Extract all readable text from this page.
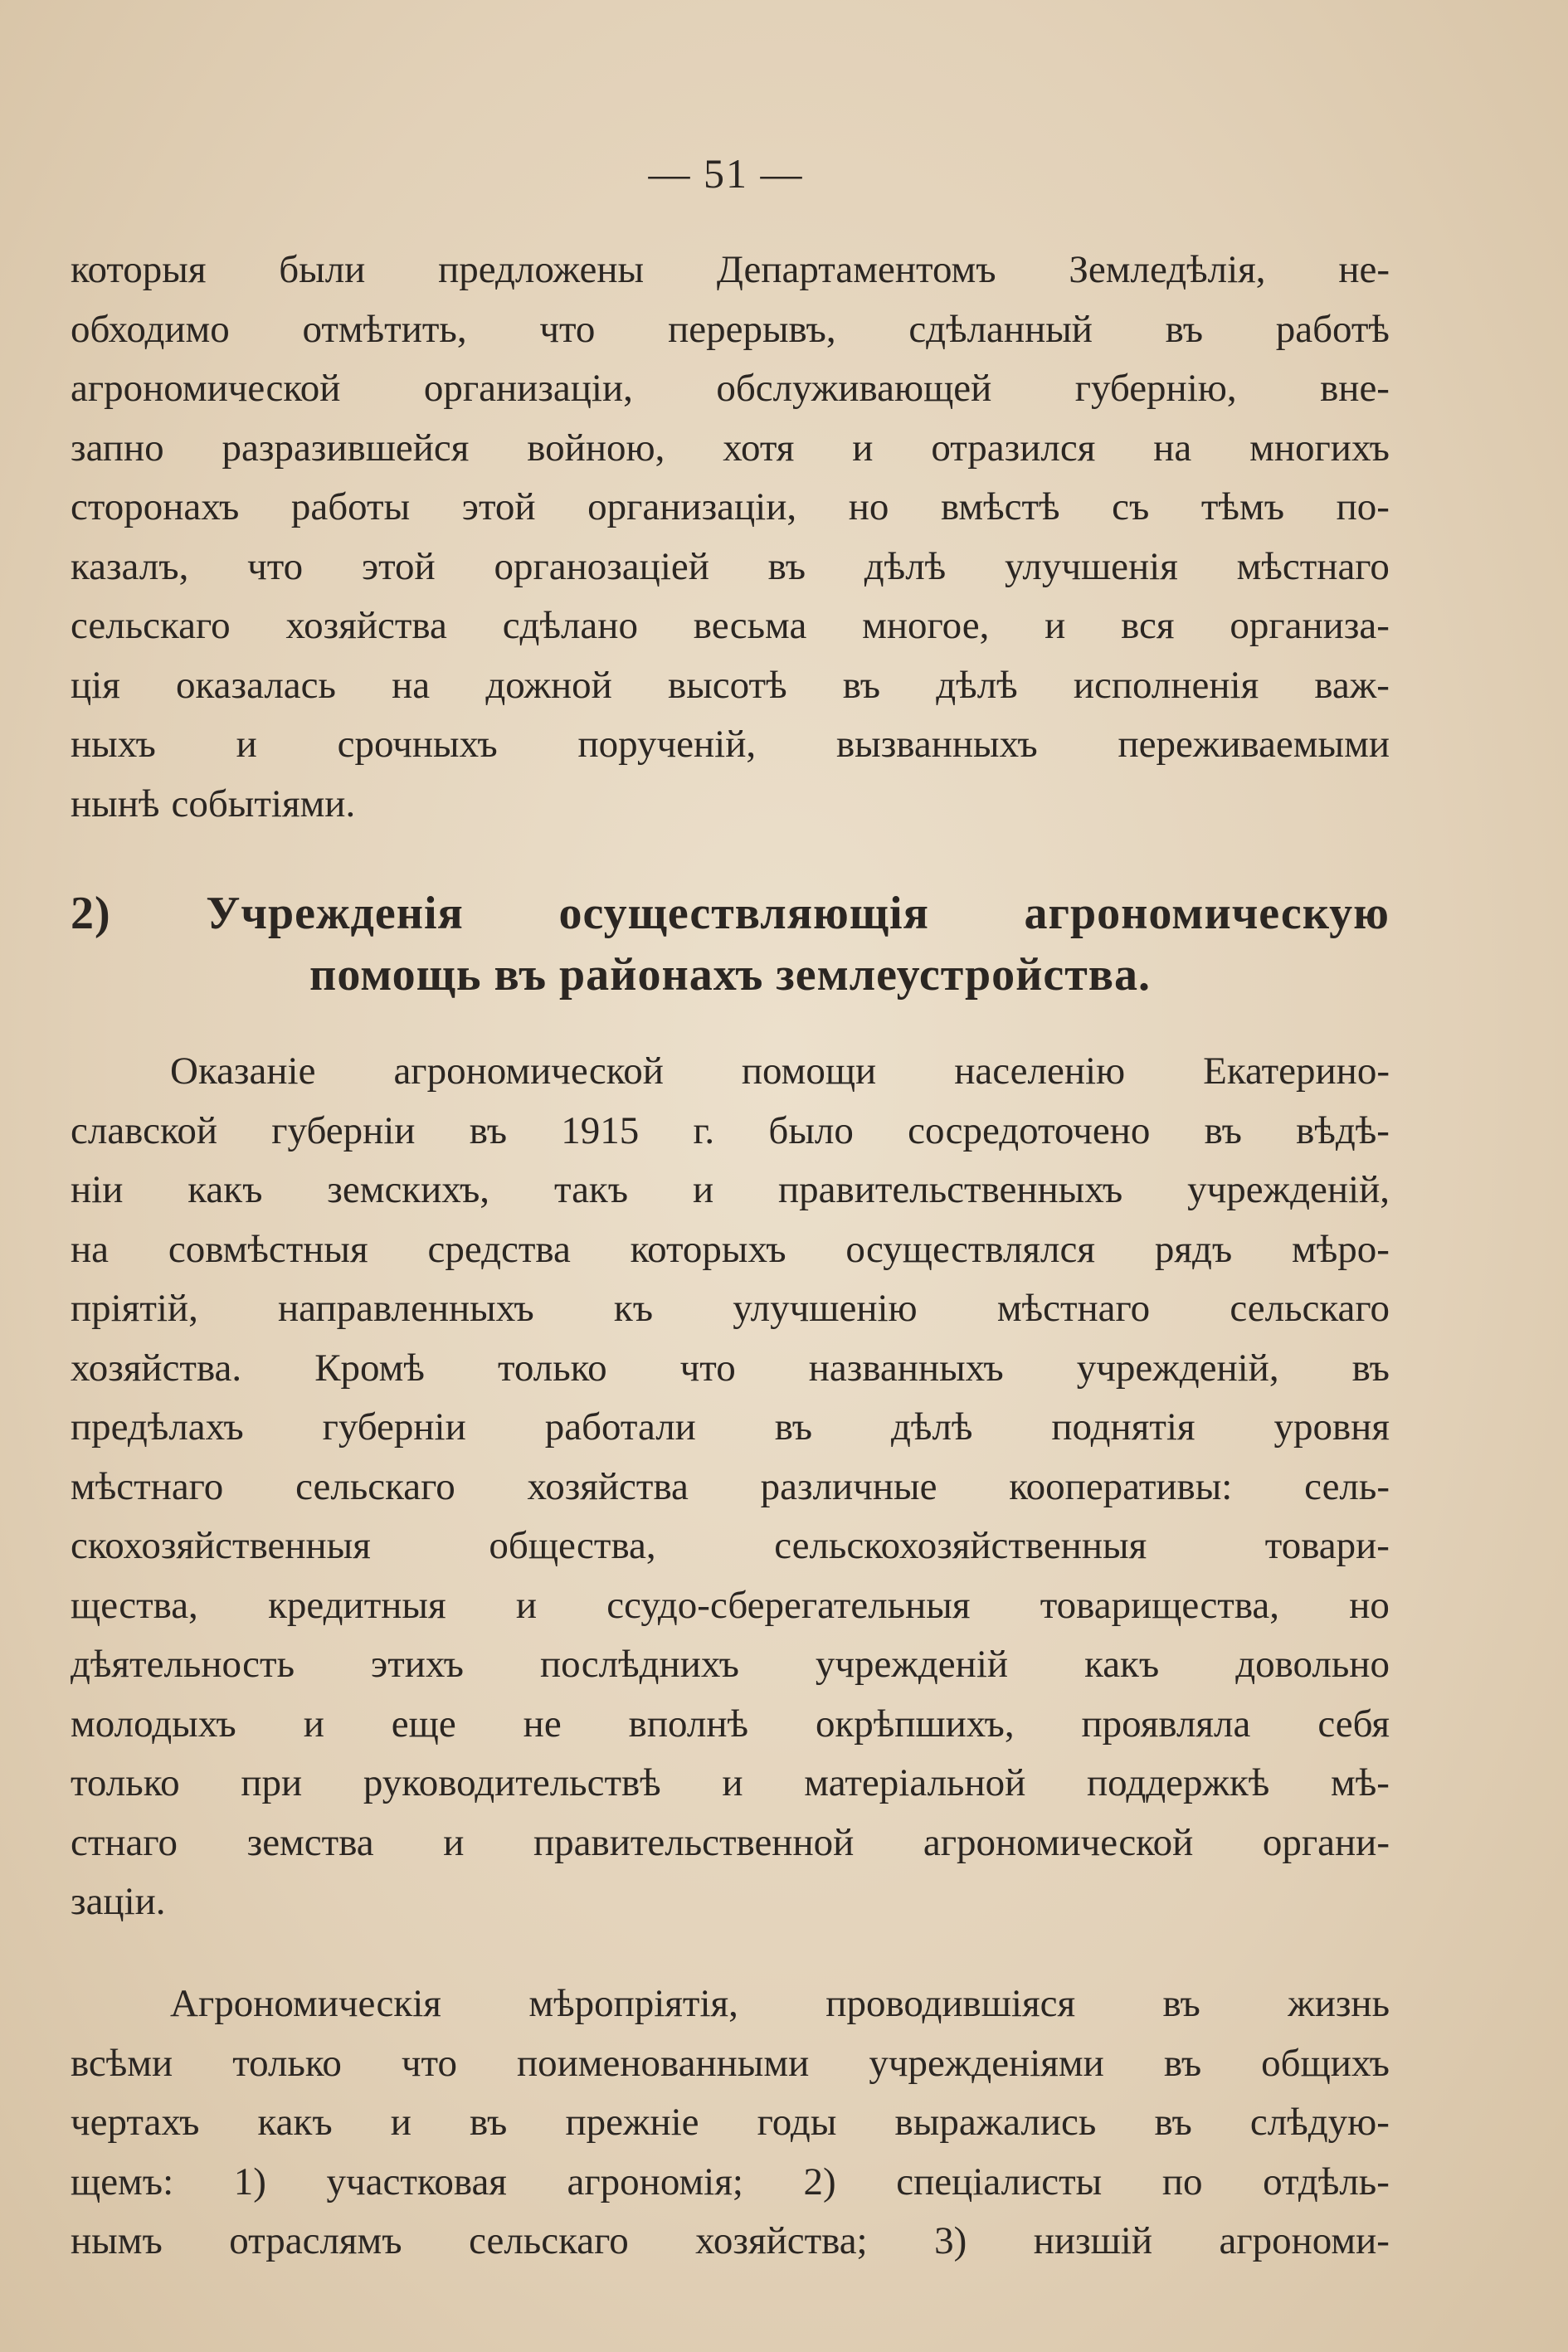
— 51 —
которыя были предложены Департаментомъ Земледѣлія, не-
обходимо отмѣтить, что перерывъ, сдѣланный въ работѣ
агрономической организаціи, обслуживающей губернію, вне-
запно разразившейся войною, хотя и отразился на многихъ
сторонахъ работы этой организаціи, но вмѣстѣ съ тѣмъ по-
казалъ, что этой органозаціей въ дѣлѣ улучшенія мѣстнаго
сельскаго хозяйства сдѣлано весьма многое, и вся организа-
ція оказалась на дожной высотѣ въ дѣлѣ исполненія важ-
ныхъ и срочныхъ порученій, вызванныхъ переживаемыми
нынѣ событіями.
2) Учрежденія осуществляющія агрономическую
помощь въ районахъ землеустройства.
Оказаніе агрономической помощи населенію Екатерино-
славской губерніи въ 1915 г. было сосредоточено въ вѣдѣ-
ніи какъ земскихъ, такъ и правительственныхъ учрежденій,
на совмѣстныя средства которыхъ осуществлялся рядъ мѣро-
пріятій, направленныхъ къ улучшенію мѣстнаго сельскаго
хозяйства. Кромѣ только что названныхъ учрежденій, въ
предѣлахъ губерніи работали въ дѣлѣ поднятія уровня
мѣстнаго сельскаго хозяйства различные кооперативы: сель-
скохозяйственныя	общества,	сельскохозяйственныя	товари-
щества, кредитныя и ссудо-сберегательныя товарищества, но
дѣятельность этихъ послѣднихъ учрежденій какъ довольно
молодыхъ и еще не вполнѣ окрѣпшихъ, проявляла себя
только при руководительствѣ и матеріальной поддержкѣ мѣ-
стнаго земства и правительственной агрономической органи-
заціи.
Агрономическія мѣропріятія, проводившіяся въ жизнь
всѣми только что поименованными учрежденіями въ общихъ
чертахъ какъ и въ прежніе годы выражались въ слѣдую-
щемъ: 1) участковая агрономія; 2) спеціалисты по отдѣль-
нымъ отраслямъ сельскаго хозяйства; 3) низшій агрономи-
